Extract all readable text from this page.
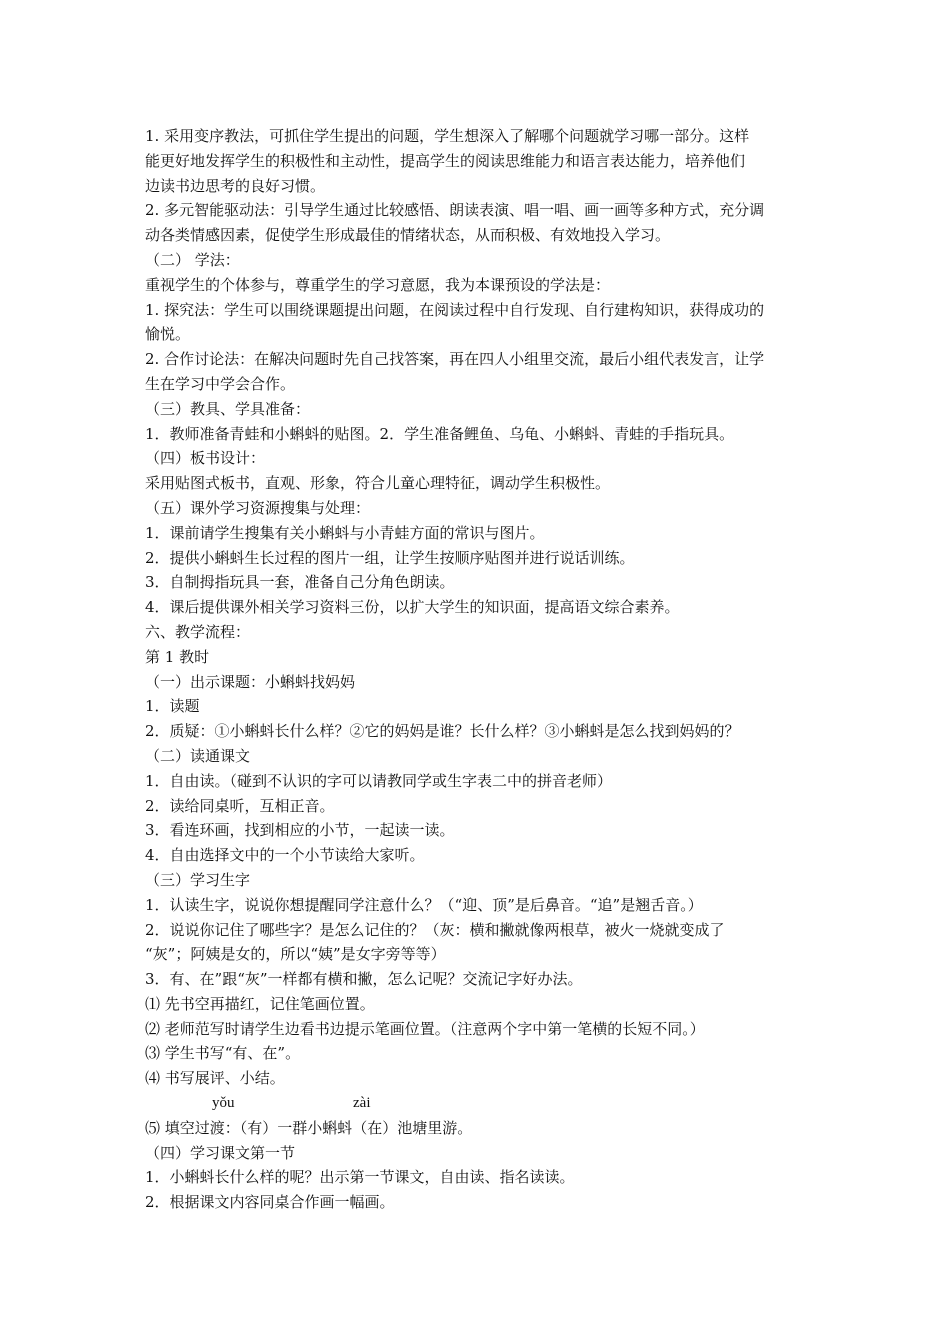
1. 采用变序教法，可抓住学生提出的问题，学生想深入了解哪个问题就学习哪一部分。这样
能更好地发挥学生的积极性和主动性，提高学生的阅读思维能力和语言表达能力，培养他们
边读书边思考的良好习惯。
2. 多元智能驱动法：引导学生通过比较感悟、朗读表演、唱一唱、画一画等多种方式，充分调
动各类情感因素，促使学生形成最佳的情绪状态，从而积极、有效地投入学习。
（二） 学法：
重视学生的个体参与，尊重学生的学习意愿，我为本课预设的学法是：
1. 探究法：学生可以围绕课题提出问题，在阅读过程中自行发现、自行建构知识，获得成功的
愉悦。
2. 合作讨论法：在解决问题时先自己找答案，再在四人小组里交流，最后小组代表发言，让学
生在学习中学会合作。
（三）教具、学具准备：
1．教师准备青蛙和小蝌蚪的贴图。2．学生准备鲤鱼、乌龟、小蝌蚪、青蛙的手指玩具。
（四）板书设计：
采用贴图式板书，直观、形象，符合儿童心理特征，调动学生积极性。
（五）课外学习资源搜集与处理：
1．课前请学生搜集有关小蝌蚪与小青蛙方面的常识与图片。
2．提供小蝌蚪生长过程的图片一组，让学生按顺序贴图并进行说话训练。
3．自制拇指玩具一套，准备自己分角色朗读。
4．课后提供课外相关学习资料三份，以扩大学生的知识面，提高语文综合素养。
六、教学流程：
第 1 教时
（一）出示课题：小蝌蚪找妈妈
1．读题
2．质疑：①小蝌蚪长什么样？②它的妈妈是谁？长什么样？③小蝌蚪是怎么找到妈妈的？
（二）读通课文
1．自由读。（碰到不认识的字可以请教同学或生字表二中的拼音老师）
2．读给同桌听，互相正音。
3．看连环画，找到相应的小节，一起读一读。
4．自由选择文中的一个小节读给大家听。
（三）学习生字
1．认读生字，说说你想提醒同学注意什么？（“迎、顶”是后鼻音。“追”是翘舌音。）
2．说说你记住了哪些字？是怎么记住的？（灰：横和撇就像两根草，被火一烧就变成了
“灰”；阿姨是女的，所以“姨”是女字旁等等）
3．有、在”跟“灰”一样都有横和撇，怎么记呢？交流记字好办法。
⑴ 先书空再描红，记住笔画位置。
⑵ 老师范写时请学生边看书边提示笔画位置。（注意两个字中第一笔横的长短不同。）
⑶ 学生书写“有、在”。
⑷ 书写展评、小结。
yǒu	zài
⑸ 填空过渡：（有）一群小蝌蚪（在）池塘里游。
（四）学习课文第一节
1．小蝌蚪长什么样的呢？出示第一节课文，自由读、指名读读。
2．根据课文内容同桌合作画一幅画。
